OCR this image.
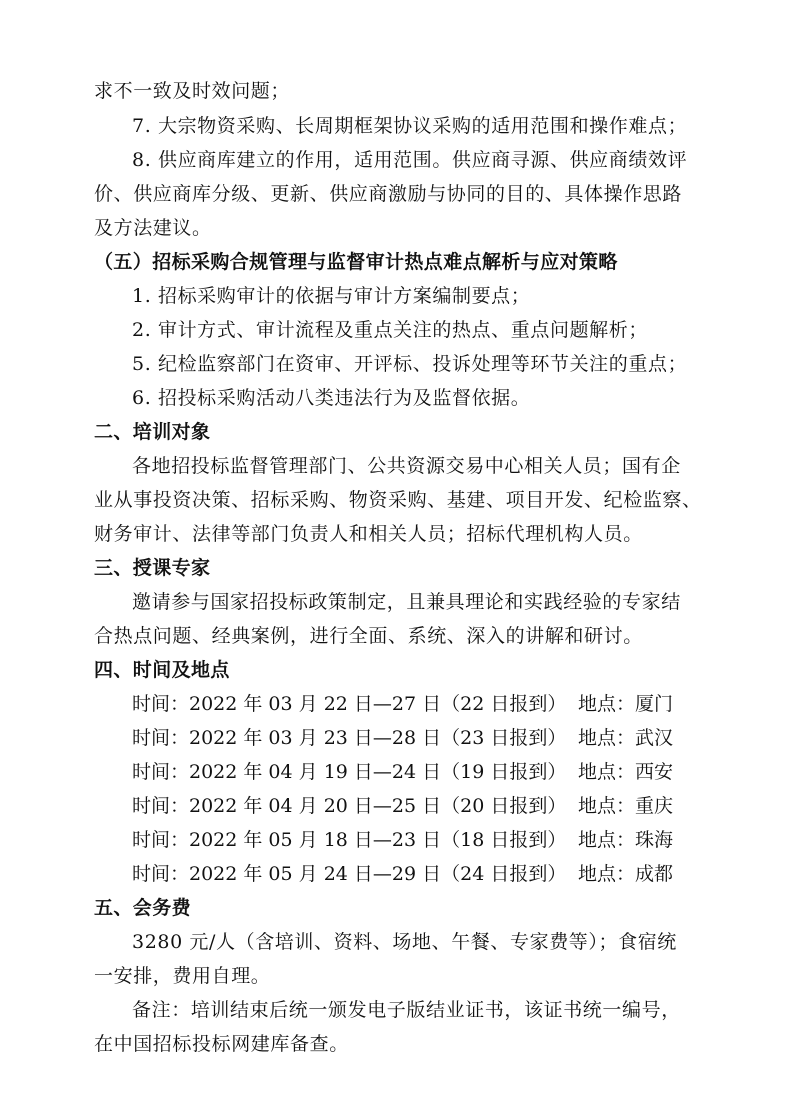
求不一致及时效问题；
7. 大宗物资采购、长周期框架协议采购的适用范围和操作难点；
8. 供应商库建立的作用，适用范围。供应商寻源、供应商绩效评
价、供应商库分级、更新、供应商激励与协同的目的、具体操作思路
及方法建议。
（五）招标采购合规管理与监督审计热点难点解析与应对策略
1. 招标采购审计的依据与审计方案编制要点；
2. 审计方式、审计流程及重点关注的热点、重点问题解析；
5. 纪检监察部门在资审、开评标、投诉处理等环节关注的重点；
6. 招投标采购活动八类违法行为及监督依据。
二、培训对象
各地招投标监督管理部门、公共资源交易中心相关人员；国有企
业从事投资决策、招标采购、物资采购、基建、项目开发、纪检监察、
财务审计、法律等部门负责人和相关人员；招标代理机构人员。
三、授课专家
邀请参与国家招投标政策制定，且兼具理论和实践经验的专家结
合热点问题、经典案例，进行全面、系统、深入的讲解和研讨。
四、时间及地点
时间：2022 年 03 月 22 日—27 日（22 日报到） 地点：厦门
时间：2022 年 03 月 23 日—28 日（23 日报到） 地点：武汉
时间：2022 年 04 月 19 日—24 日（19 日报到） 地点：西安
时间：2022 年 04 月 20 日—25 日（20 日报到） 地点：重庆
时间：2022 年 05 月 18 日—23 日（18 日报到） 地点：珠海
时间：2022 年 05 月 24 日—29 日（24 日报到） 地点：成都
五、会务费
3280 元/人（含培训、资料、场地、午餐、专家费等）；食宿统
一安排，费用自理。
备注：培训结束后统一颁发电子版结业证书，该证书统一编号，
在中国招标投标网建库备查。
